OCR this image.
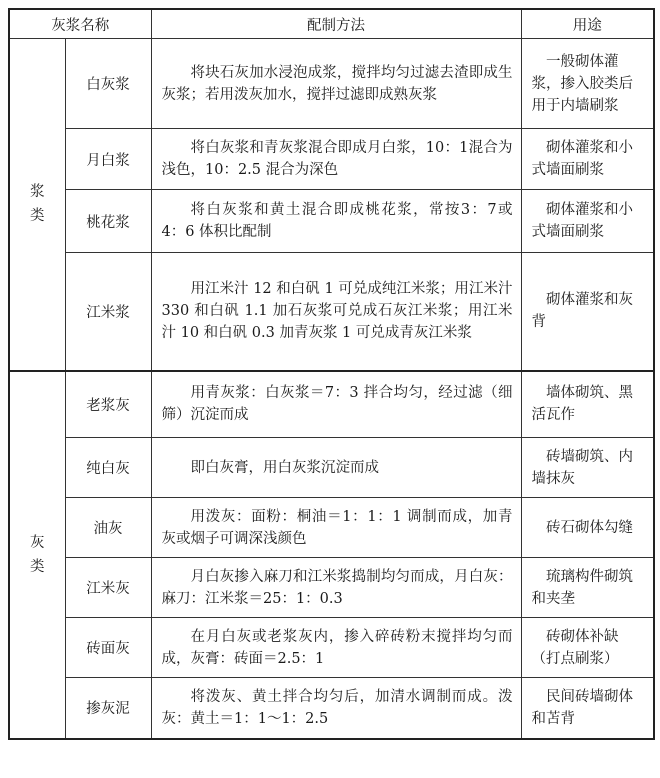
灰浆名称		配制方法	用途

浆
类	白灰浆	将块石灰加水浸泡成浆，搅拌均匀过滤去渣即成生灰浆；若用泼灰加水，搅拌过滤即成熟灰浆	一般砌体灌浆，掺入胶类后用于内墙刷浆

	月白浆	将白灰浆和青灰浆混合即成月白浆，10：1混合为浅色，10：2.5 混合为深色	砌体灌浆和小式墙面刷浆

	桃花浆	将白灰浆和黄土混合即成桃花浆，常按3：7或 4：6 体积比配制	砌体灌浆和小式墙面刷浆

	江米浆	用江米汁 12 和白矾 1 可兑成纯江米浆；用江米汁 330 和白矾 1.1 加石灰浆可兑成石灰江米浆；用江米汁 10 和白矾 0.3 加青灰浆 1 可兑成青灰江米浆	砌体灌浆和灰背

灰
类	老浆灰	用青灰浆：白灰浆＝7：3 拌合均匀，经过滤（细筛）沉淀而成	墙体砌筑、黑活瓦作

	纯白灰	即白灰膏，用白灰浆沉淀而成	砖墙砌筑、内墙抹灰

	油灰	用泼灰：面粉：桐油＝1：1：1 调制而成，加青灰或烟子可调深浅颜色	砖石砌体勾缝

	江米灰	月白灰掺入麻刀和江米浆捣制均匀而成，月白灰：麻刀：江米浆＝25：1：0.3	琉璃构件砌筑和夹垄

	砖面灰	在月白灰或老浆灰内，掺入碎砖粉末搅拌均匀而成，灰膏：砖面＝2.5：1	砖砌体补缺（打点刷浆）

	掺灰泥	将泼灰、黄土拌合均匀后，加清水调制而成。泼灰：黄土＝1：1～1：2.5	民间砖墙砌体和苫背
